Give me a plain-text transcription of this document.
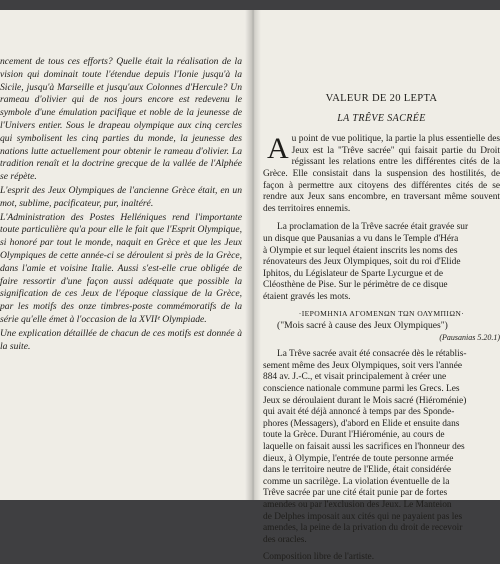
ncement de tous ces efforts? Quelle était la réalisation de la vision qui dominait toute l'étendue depuis l'Ionie jusqu'à la Sicile, jusqu'à Marseille et jusqu'aux Colonnes d'Hercule? Un rameau d'olivier qui de nos jours encore est redevenu le symbole d'une émulation pacifique et noble de la jeunesse de l'Univers entier. Sous le drapeau olympique aux cinq cercles qui symbolisent les cinq parties du monde, la jeunesse des nations lutte actuellement pour obtenir le rameau d'olivier. La tradition renaît et la doctrine grecque de la vallée de l'Alphée se répète.

L'esprit des Jeux Olympiques de l'ancienne Grèce était, en un mot, sublime, pacificateur, pur, inaltéré.

L'Administration des Postes Helléniques rend l'importante toute particulière qu'a pour elle le fait que l'Esprit Olympique, si honoré par tout le monde, naquit en Grèce et que les Jeux Olympiques de cette année-ci se déroulent si près de la Grèce, dans l'amie et voisine Italie. Aussi s'est-elle crue obligée de faire ressortir d'une façon aussi adéquate que possible la signification de ces Jeux de l'époque classique de la Grèce, par les motifs des onze timbres-poste commémoratifs de la série qu'elle émet à l'occasion de la XVIIᵉ Olympiade.

Une explication détaillée de chacun de ces motifs est donnée à la suite.

VALEUR DE 20 LEPTA
LA TRÊVE SACRÉE

Au point de vue politique, la partie la plus essentielle des Jeux est la "Trêve sacrée" qui faisait partie du Droit régissant les relations entre les différentes cités de la Grèce. Elle consistait dans la suspension des hostilités, de façon à permettre aux citoyens des différentes cités de se rendre aux Jeux sans encombre, en traversant même souvent des territoires ennemis.

La proclamation de la Trêve sacrée était gravée sur
un disque que Pausanias a vu dans le Temple d'Héra
à Olympie et sur lequel étaient inscrits les noms des
rénovateurs des Jeux Olympiques, soit du roi d'Elide
Iphitos, du Législateur de Sparte Lycurgue et de
Cléosthène de Pise. Sur le périmètre de ce disque
étaient gravés les mots.
·ΙΕΡΟΜΗΝΙΑ ΑΓΟΜΕΝΩΝ ΤΩΝ ΟΛΥΜΠΙΩΝ·
("Mois sacré à cause des Jeux Olympiques")
(Pausanias 5.20.1)
La Trêve sacrée avait été consacrée dès le rétablis-
sement même des Jeux Olympiques, soit vers l'année
884 av. J.-C., et visait principalement à créer une
conscience nationale commune parmi les Grecs. Les
Jeux se déroulaient durant le Mois sacré (Hiéroménie)
qui avait été déjà annoncé à temps par des Sponde-
phores (Messagers), d'abord en Elide et ensuite dans
toute la Grèce. Durant l'Hiéroménie, au cours de
laquelle on faisait aussi les sacrifices en l'honneur des
dieux, à Olympie, l'entrée de toute personne armée
dans le territoire neutre de l'Elide, était considérée
comme un sacrilège. La violation éventuelle de la
Trêve sacrée par une cité était punie par de fortes
amendes ou par l'exclusion des Jeux. Le Manteion
de Delphes imposait aux cités qui ne payaient pas les
amendes, la peine de la privation du droit de recevoir
des oracles.
Composition libre de l'artiste.
